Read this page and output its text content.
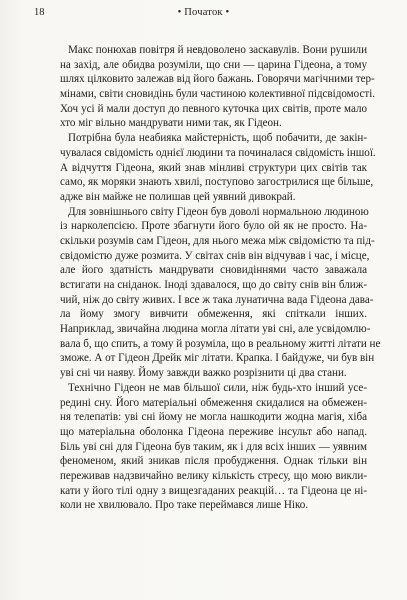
18	• Початок •
Макс понюхав повітря й невдоволено заскавулів. Вони рушили
на захід, але обидва розуміли, що сни — царина Гідеона, а тому
шлях цілковито залежав від його бажань. Говорячи магічними тер-
мінами, світи сновидінь були частиною колективної підсвідомості.
Хоч усі й мали доступ до певного куточка цих світів, проте мало
хто міг вільно мандрувати ними так, як Гідеон.
Потрібна була неабияка майстерність, щоб побачити, де закін-
чувалася свідомість однієї людини та починалася свідомість іншої.
А відчуття Гідеона, який знав мінливі структури цих світів так
само, як моряки знають хвилі, поступово загострилися ще більше,
адже він майже не полишав цей уявний дивокрай.
Для зовнішнього світу Гідеон був доволі нормальною людиною
із нарколепсією. Проте збагнути його було ой як не просто. На-
скільки розумів сам Гідеон, для нього межа між свідомістю та під-
свідомістю дуже розмита. У світах снів він відчував і час, і місце,
але його здатність мандрувати сновидіннями часто заважала
встигати на сніданок. Іноді здавалося, що до світу снів він ближ-
чий, ніж до світу живих. І все ж така лунатична вада Гідеона дава-
ла йому змогу вивчити обмеження, які спіткали інших.
Наприклад, звичайна людина могла літати уві сні, але усвідомлю-
вала б, що спить, а тому й розуміла, що в реальному житті літати не
зможе. А от Гідеон Дрейк міг літати. Крапка. І байдуже, чи був він
уві сні чи наяву. Йому завжди важко розрізнити ці два стани.
Технічно Гідеон не мав більшої сили, ніж будь-хто інший усе-
редині сну. Його матеріальні обмеження скидалися на обмежен-
ня телепатів: уві сні йому не могла нашкодити жодна магія, хіба
що матеріальна оболонка Гідеона переживе інсульт або напад.
Біль уві сні для Гідеона був таким, як і для всіх інших — уявним
феноменом, який зникав після пробудження. Однак тільки він
переживав надзвичайно велику кількість стресу, що мою викли-
кати у його тілі одну з вищезгаданих реакцій… та Гідеона це ні-
коли не хвилювало. Про таке переймався лише Ніко.
